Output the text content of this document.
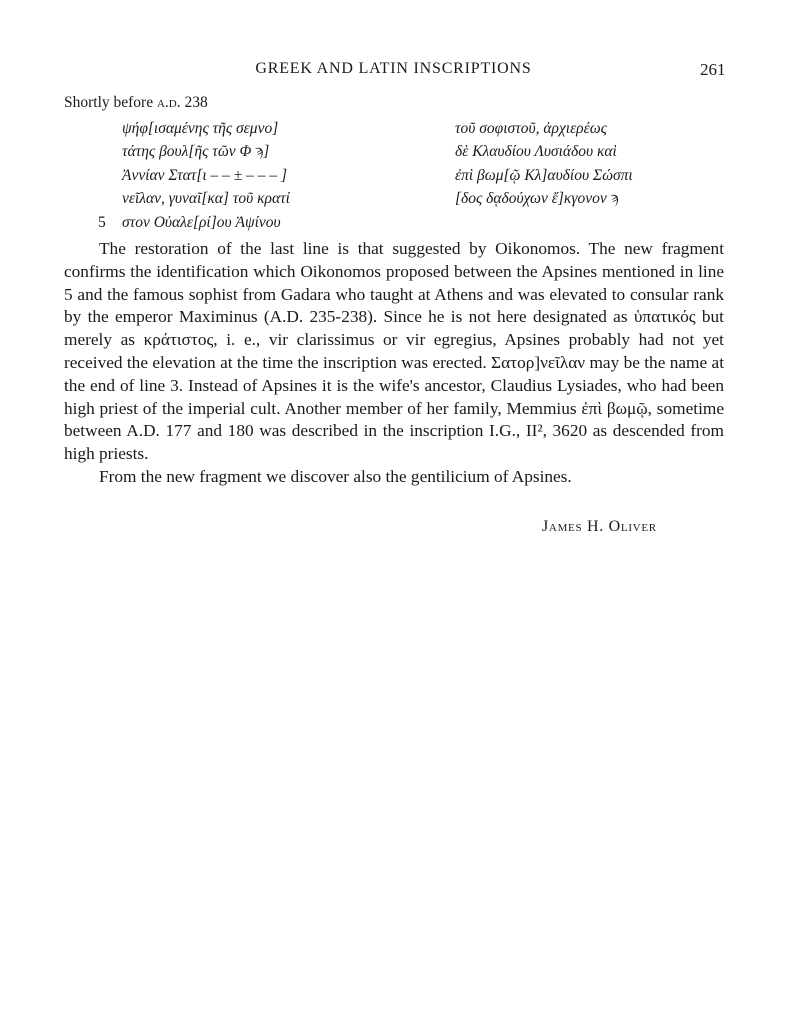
GREEK AND LATIN INSCRIPTIONS	261
Shortly before a.d. 238
ψήφ[ισαμένης τῆς σεμνο]
τάτης βουλ[ῆς τῶν Φ ϡ]
Ἀννίαν Στατ[ι – – ± – – – ]
νεῖλαν, γυναῖ[κα] τοῦ κρατί
5 στον Οὐαλε[ρί]ου Ἀψίνου
τοῦ σοφιστοῦ, ἀρχιερέως
δὲ Κλαυδίου Λυσιάδου καὶ
ἐπὶ βωμ[ῷ Κλ]αυδίου Σώσπι
[δος δᾳδούχων ἔ]κγονον ϡ

The restoration of the last line is that suggested by Oikonomos. The new fragment confirms the identification which Oikonomos proposed between the Apsines mentioned in line 5 and the famous sophist from Gadara who taught at Athens and was elevated to consular rank by the emperor Maximinus (A.D. 235-238). Since he is not here designated as ὑπατικός but merely as κράτιστος, i. e., vir clarissimus or vir egregius, Apsines probably had not yet received the elevation at the time the inscription was erected. Σατορ]νεῖλαν may be the name at the end of line 3. Instead of Apsines it is the wife's ancestor, Claudius Lysiades, who had been high priest of the imperial cult. Another member of her family, Memmius ἐπὶ βωμῷ, sometime between A.D. 177 and 180 was described in the inscription I.G., II², 3620 as descended from high priests.

From the new fragment we discover also the gentilicium of Apsines.

James H. Oliver
